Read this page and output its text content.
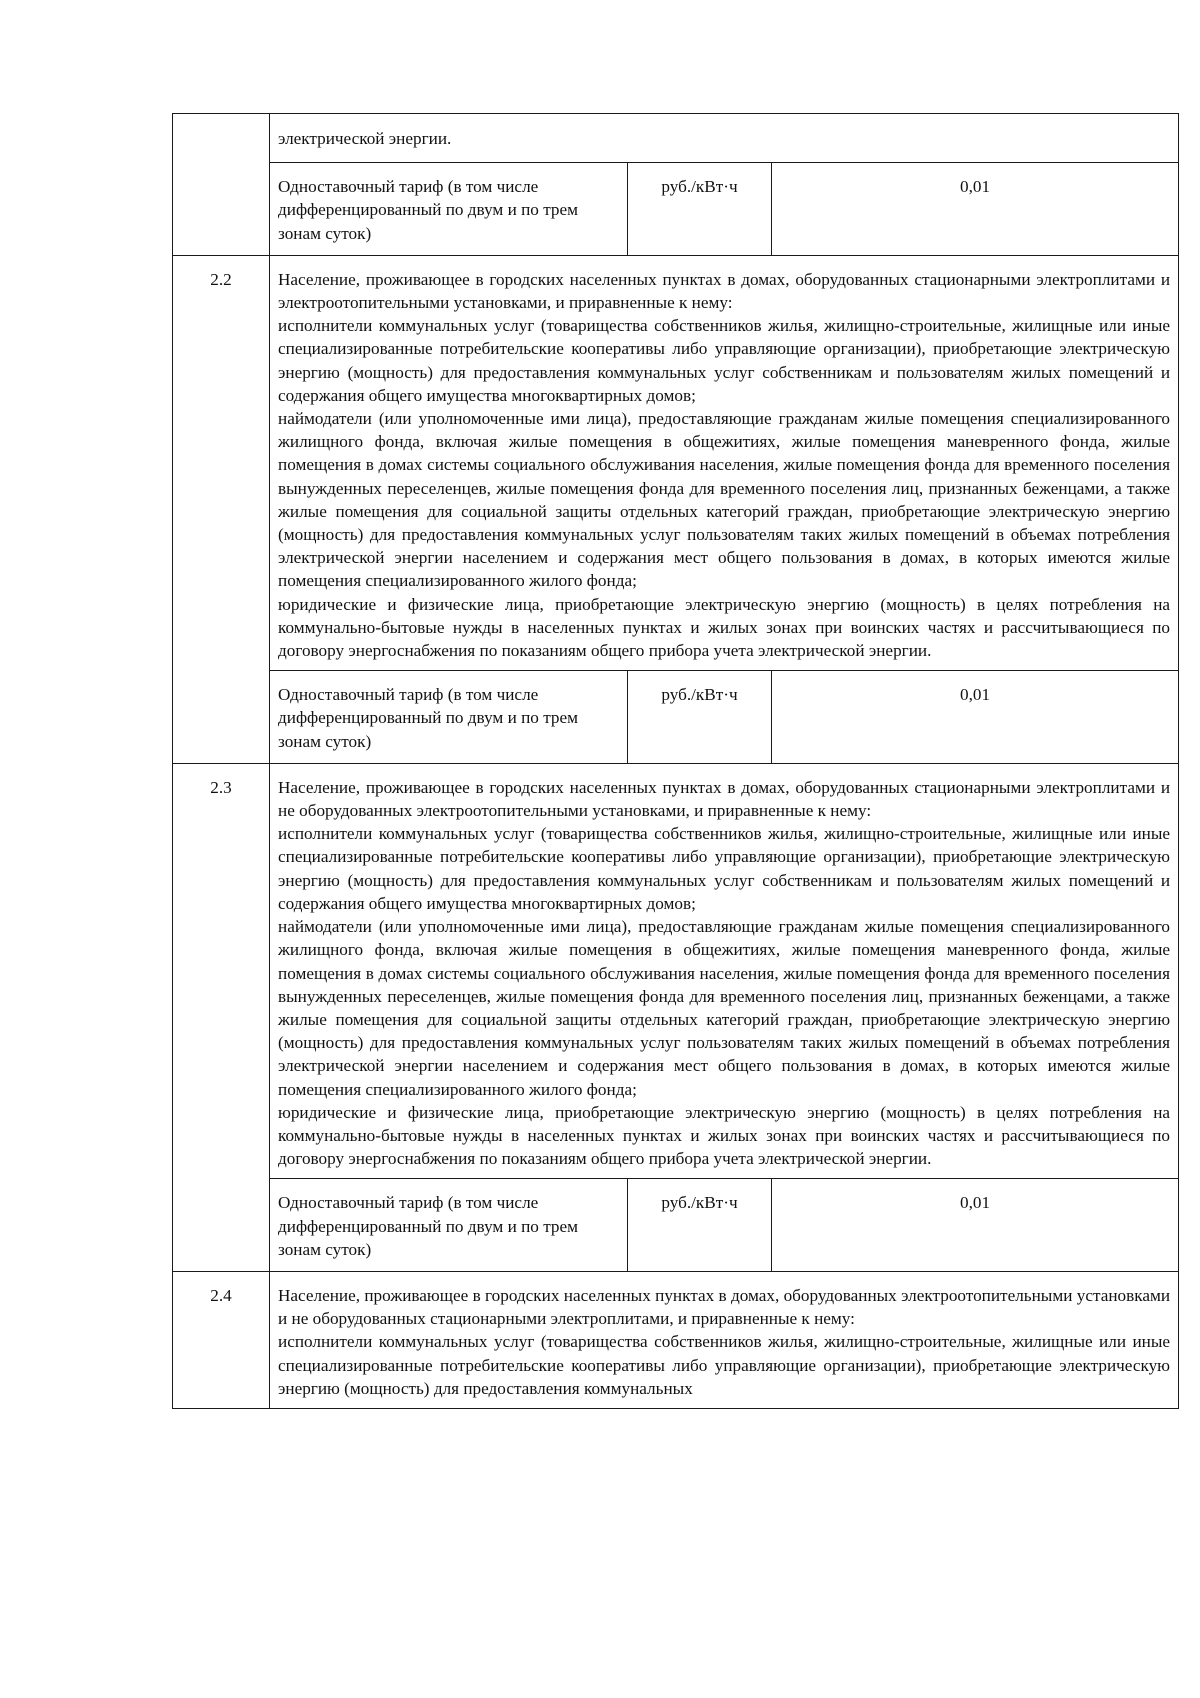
	электрической энергии.		

	Одноставочный тариф (в том числе дифференцированный по двум и по трем зонам суток)	руб./кВт·ч	0,01
2.2	Население, проживающее в городских населенных пунктах в домах, оборудованных стационарными электроплитами и электроотопительными установками, и приравненные к нему:

исполнители коммунальных услуг (товарищества собственников жилья, жилищно-строительные, жилищные или иные специализированные потребительские кооперативы либо управляющие организации), приобретающие электрическую энергию (мощность) для предоставления коммунальных услуг собственникам и пользователям жилых помещений и содержания общего имущества многоквартирных домов;

наймодатели (или уполномоченные ими лица), предоставляющие гражданам жилые помещения специализированного жилищного фонда, включая жилые помещения в общежитиях, жилые помещения маневренного фонда, жилые помещения в домах системы социального обслуживания населения, жилые помещения фонда для временного поселения вынужденных переселенцев, жилые помещения фонда для временного поселения лиц, признанных беженцами, а также жилые помещения для социальной защиты отдельных категорий граждан, приобретающие электрическую энергию (мощность) для предоставления коммунальных услуг пользователям таких жилых помещений в объемах потребления электрической энергии населением и содержания мест общего пользования в домах, в которых имеются жилые помещения специализированного жилого фонда;

юридические и физические лица, приобретающие электрическую энергию (мощность) в целях потребления на коммунально-бытовые нужды в населенных пунктах и жилых зонах при воинских частях и рассчитывающиеся по договору энергоснабжения по показаниям общего прибора учета электрической энергии.		

	Одноставочный тариф (в том числе дифференцированный по двум и по трем зонам суток)	руб./кВт·ч	0,01
2.3	Население, проживающее в городских населенных пунктах в домах, оборудованных стационарными электроплитами и не оборудованных электроотопительными установками, и приравненные к нему:

исполнители коммунальных услуг (товарищества собственников жилья, жилищно-строительные, жилищные или иные специализированные потребительские кооперативы либо управляющие организации), приобретающие электрическую энергию (мощность) для предоставления коммунальных услуг собственникам и пользователям жилых помещений и содержания общего имущества многоквартирных домов;

наймодатели (или уполномоченные ими лица), предоставляющие гражданам жилые помещения специализированного жилищного фонда, включая жилые помещения в общежитиях, жилые помещения маневренного фонда, жилые помещения в домах системы социального обслуживания населения, жилые помещения фонда для временного поселения вынужденных переселенцев, жилые помещения фонда для временного поселения лиц, признанных беженцами, а также жилые помещения для социальной защиты отдельных категорий граждан, приобретающие электрическую энергию (мощность) для предоставления коммунальных услуг пользователям таких жилых помещений в объемах потребления электрической энергии населением и содержания мест общего пользования в домах, в которых имеются жилые помещения специализированного жилого фонда;

юридические и физические лица, приобретающие электрическую энергию (мощность) в целях потребления на коммунально-бытовые нужды в населенных пунктах и жилых зонах при воинских частях и рассчитывающиеся по договору энергоснабжения по показаниям общего прибора учета электрической энергии.		

	Одноставочный тариф (в том числе дифференцированный по двум и по трем зонам суток)	руб./кВт·ч	0,01
2.4	Население, проживающее в городских населенных пунктах в домах, оборудованных электроотопительными установками и не оборудованных стационарными электроплитами, и приравненные к нему:

исполнители коммунальных услуг (товарищества собственников жилья, жилищно-строительные, жилищные или иные специализированные потребительские кооперативы либо управляющие организации), приобретающие электрическую энергию (мощность) для предоставления коммунальных		
